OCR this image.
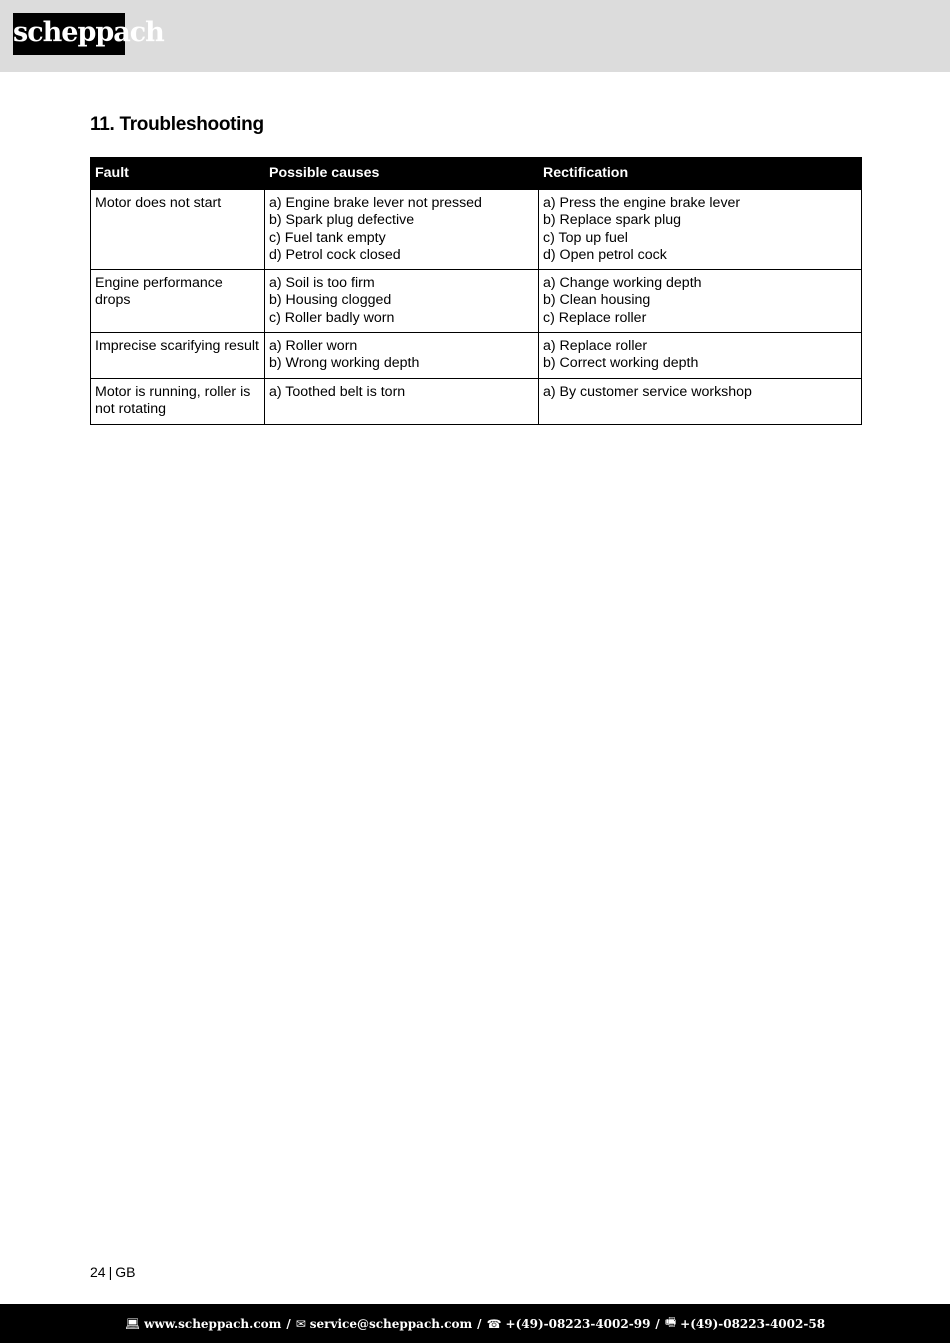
scheppach
11. Troubleshooting
Fault	Possible causes	Rectification

Motor does not start	a) Engine brake lever not pressed
b) Spark plug defective
c) Fuel tank empty
d) Petrol cock closed	a) Press the engine brake lever
b) Replace spark plug
c) Top up fuel
d) Open petrol cock

Engine performance drops	a) Soil is too firm
b) Housing clogged
c) Roller badly worn	a) Change working depth
b) Clean housing
c) Replace roller

Imprecise scarifying result	a) Roller worn
b) Wrong working depth	a) Replace roller
b) Correct working depth

Motor is running, roller is not rotating	a) Toothed belt is torn	a) By customer service workshop
24 | GB
💻︎ www.scheppach.com / ✉ service@scheppach.com / ☎ +(49)-08223-4002-99 / 🖷︎ +(49)-08223-4002-58
